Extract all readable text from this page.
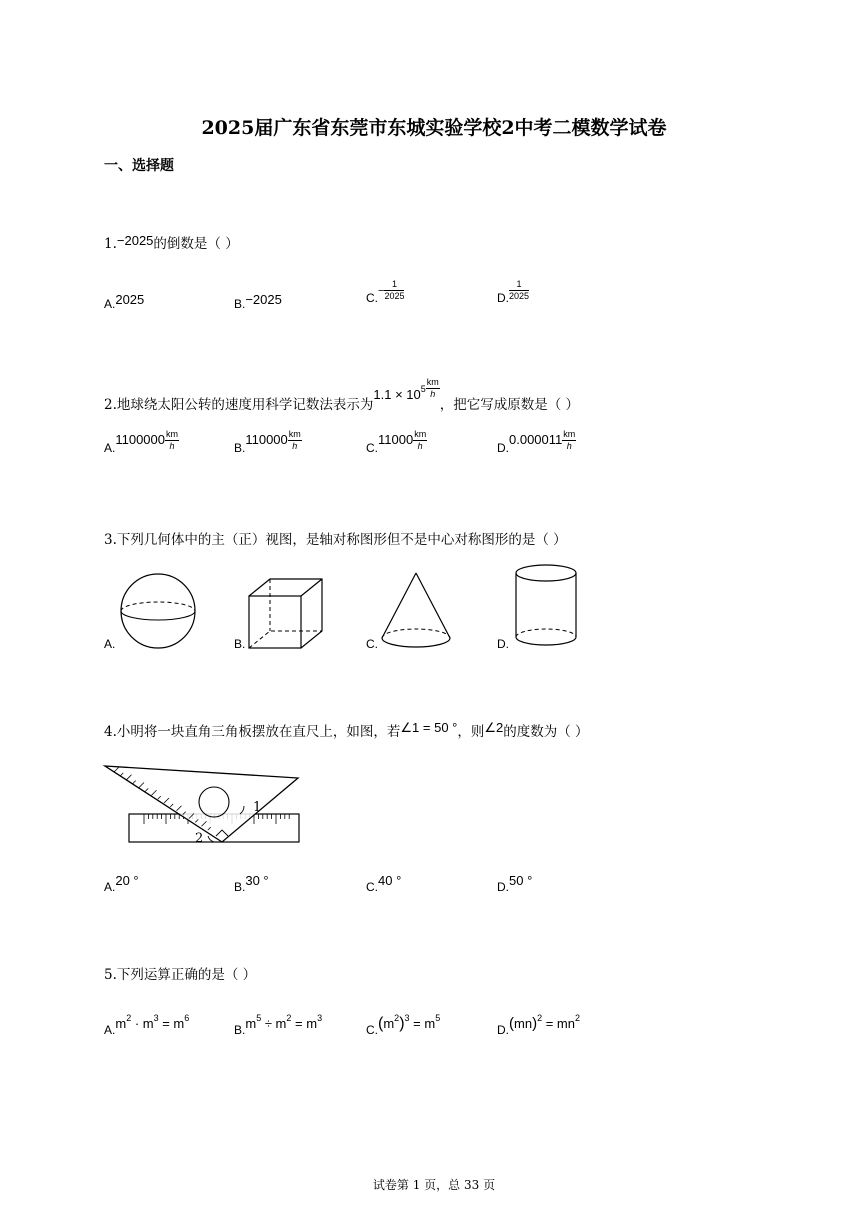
2025届广东省东莞市东城实验学校2中考二模数学试卷
一、选择题
1.−2025的倒数是（ ）
A.2025	B.−2025	$C.- \frac{1}{2025}$	D. $\frac{1}{2025}$
2.地球绕太阳公转的速度用科学记数法表示为$1.1 \times 10^5 \frac{km}{h}$
，把它写成原数是（ ）
$A.1100000 \frac{km}{h}$	$B.110000 \frac{km}{h}$	$C.11000 \frac{km}{h}$	$D.0.000011 \frac{km}{h}$
3.下列几何体中的主（正）视图，是轴对称图形但不是中心对称图形的是（ ）
A.	B.	C.	D.
4.小明将一块直角三角板摆放在直尺上，如图，若∠1 = 50 °，则∠2的度数为（ ）
1
2
A.20 °	B.30 °	C.40 °	D.50 °
5.下列运算正确的是（ ）
$A.m^2 \cdot m^3 = m^6$
$B.m^5 \div m^2 = m^3$
$C.(m^2)^3 = m^5$
$D.(mn)^2 = mn^2$
试卷第 1 页，总 33 页
